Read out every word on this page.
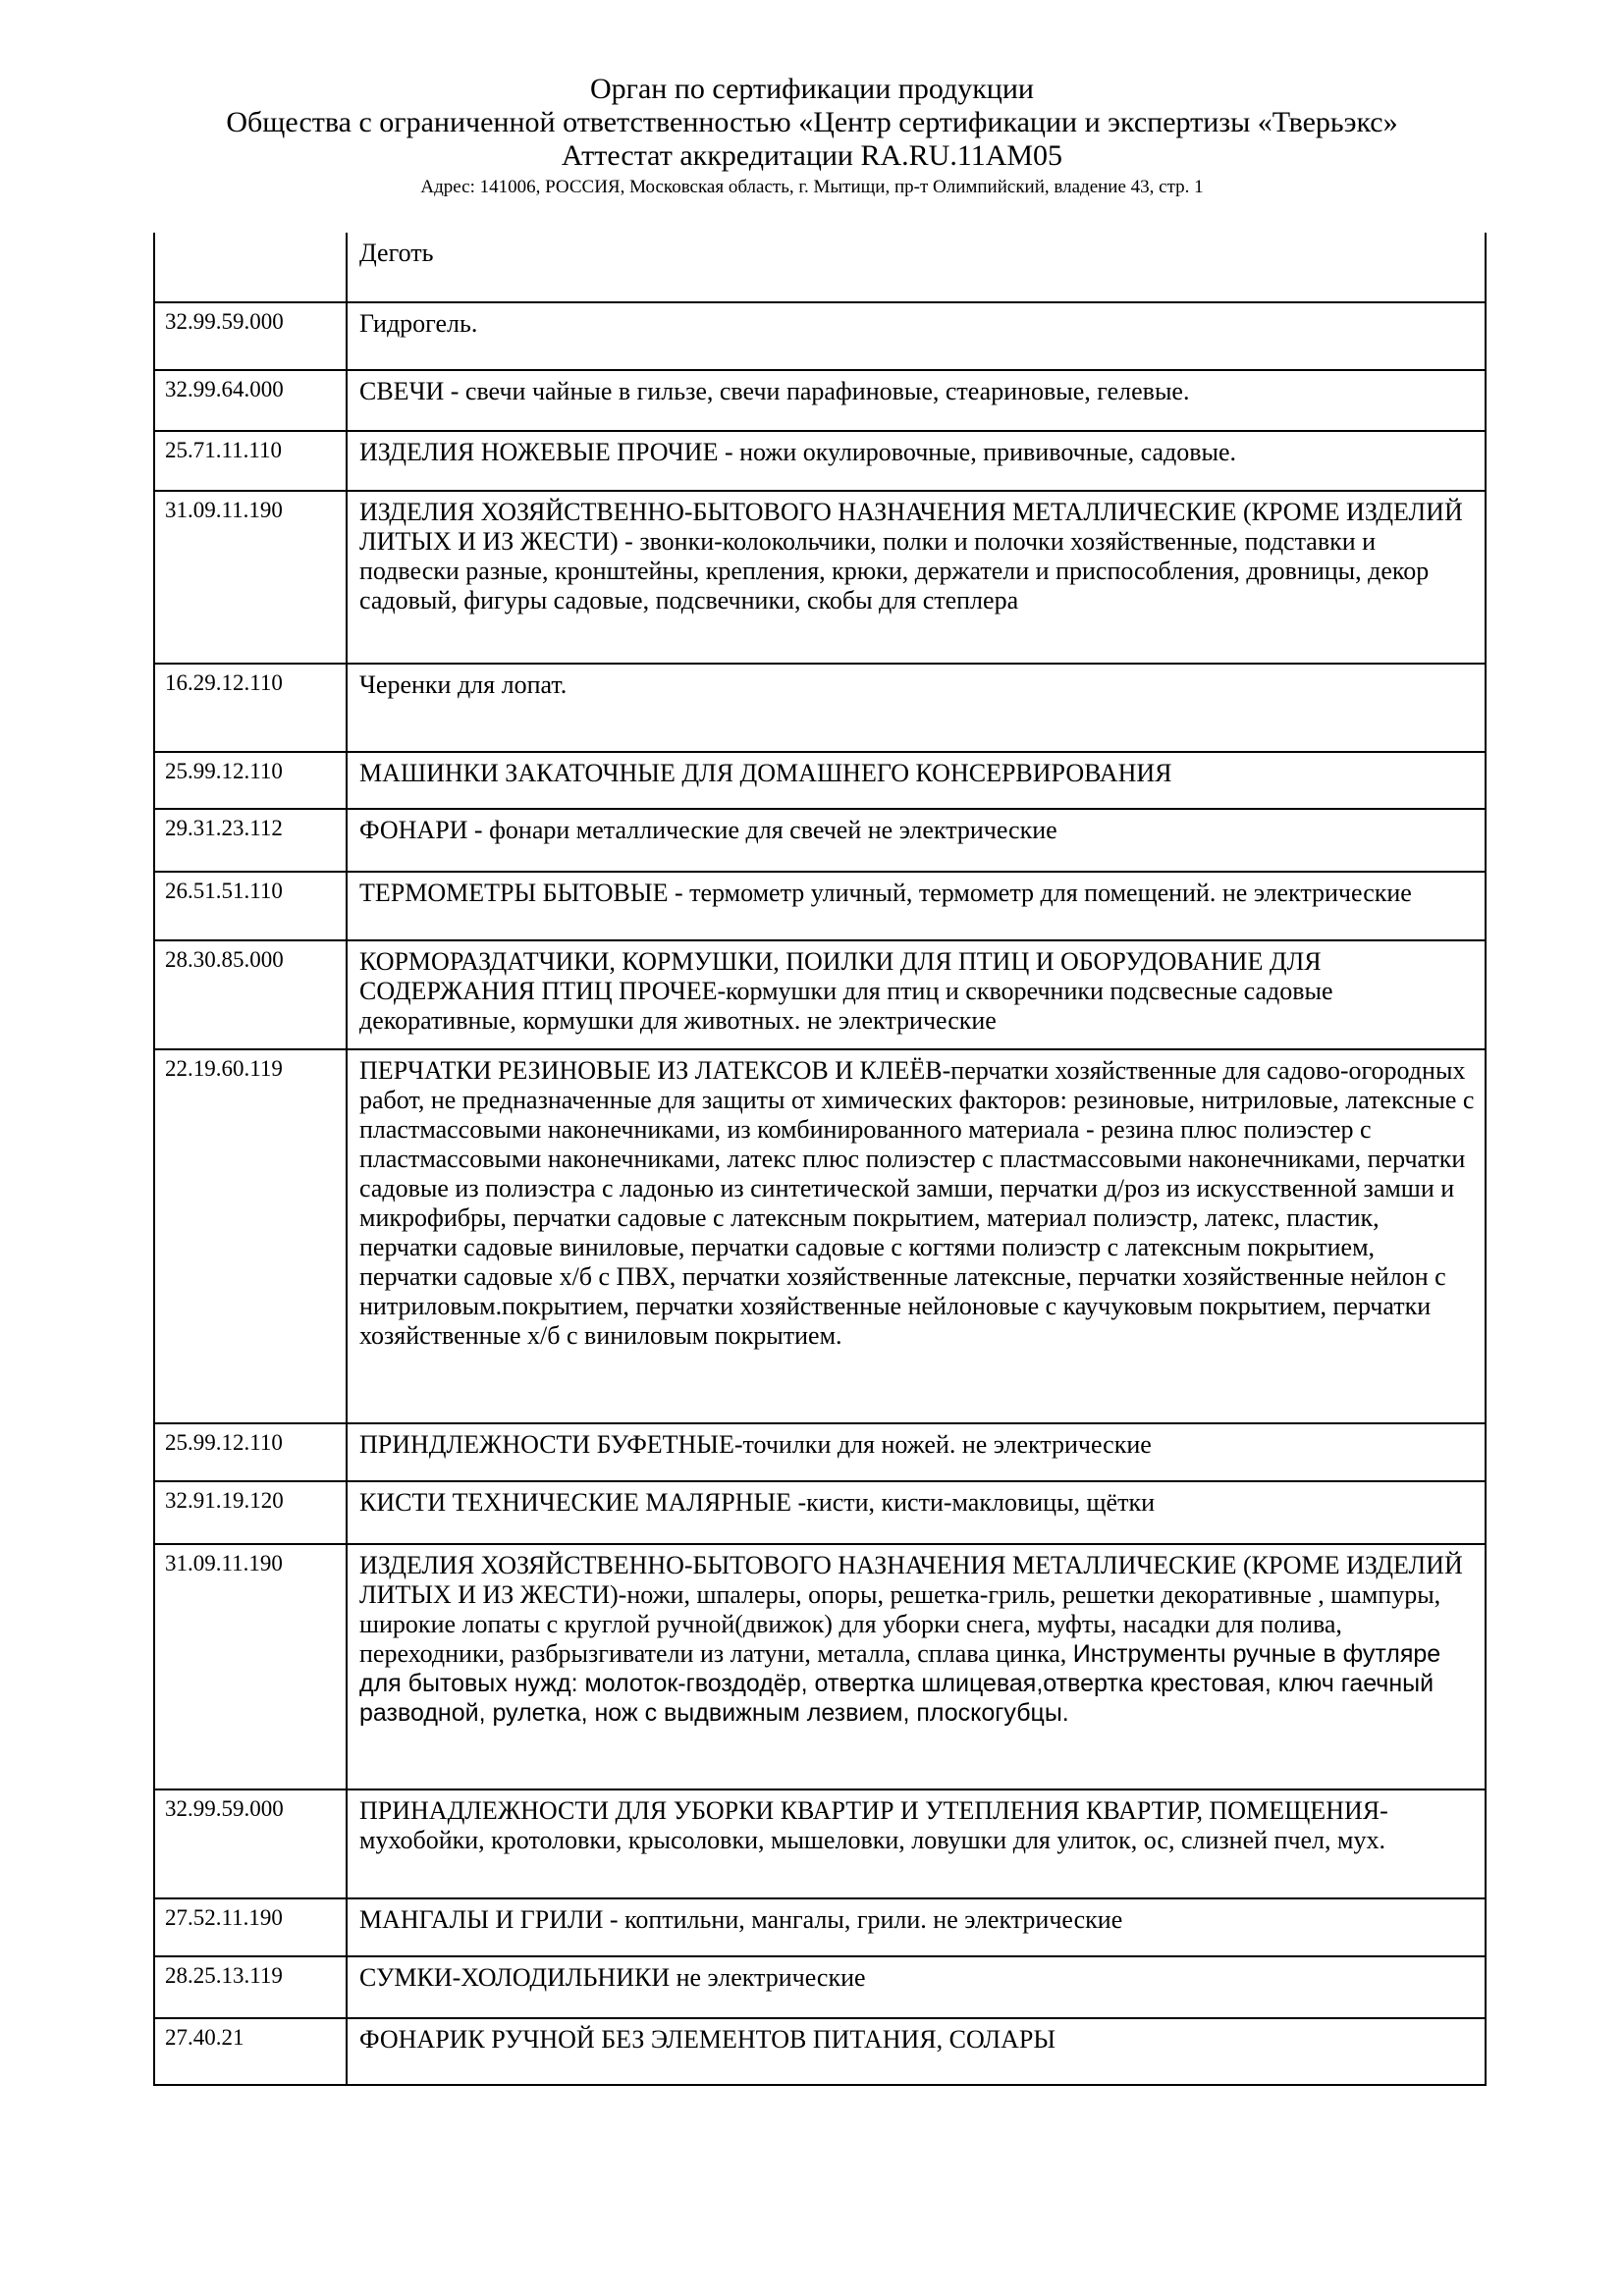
Орган по сертификации продукции
Общества с ограниченной ответственностью «Центр сертификации и экспертизы «Тверьэкс»
Аттестат аккредитации RA.RU.11АМ05
Адрес: 141006, РОССИЯ, Московская область, г. Мытищи, пр-т Олимпийский, владение 43, стр. 1
	Деготь
32.99.59.000	Гидрогель.
32.99.64.000	СВЕЧИ - свечи чайные в гильзе, свечи парафиновые, стеариновые, гелевые.
25.71.11.110	ИЗДЕЛИЯ НОЖЕВЫЕ ПРОЧИЕ - ножи окулировочные, прививочные, садовые.
31.09.11.190	ИЗДЕЛИЯ ХОЗЯЙСТВЕННО-БЫТОВОГО НАЗНАЧЕНИЯ МЕТАЛЛИЧЕСКИЕ (КРОМЕ ИЗДЕЛИЙ ЛИТЫХ И ИЗ ЖЕСТИ) - звонки-колокольчики, полки и полочки хозяйственные, подставки и подвески разные, кронштейны, крепления, крюки, держатели и приспособления, дровницы, декор садовый, фигуры садовые, подсвечники, скобы для степлера
16.29.12.110	Черенки для лопат.
25.99.12.110	МАШИНКИ ЗАКАТОЧНЫЕ ДЛЯ ДОМАШНЕГО КОНСЕРВИРОВАНИЯ
29.31.23.112	ФОНАРИ - фонари металлические для свечей не электрические
26.51.51.110	ТЕРМОМЕТРЫ БЫТОВЫЕ - термометр уличный, термометр для помещений. не электрические
28.30.85.000	КОРМОРАЗДАТЧИКИ, КОРМУШКИ, ПОИЛКИ ДЛЯ ПТИЦ И ОБОРУДОВАНИЕ ДЛЯ СОДЕРЖАНИЯ ПТИЦ ПРОЧЕЕ-кормушки для птиц и скворечники подсвесные садовые декоративные, кормушки для животных. не электрические
22.19.60.119	ПЕРЧАТКИ РЕЗИНОВЫЕ ИЗ ЛАТЕКСОВ И КЛЕЁВ-перчатки хозяйственные для садово-огородных работ, не предназначенные для защиты от химических факторов: резиновые, нитриловые, латексные с пластмассовыми наконечниками, из комбинированного материала - резина плюс полиэстер с пластмассовыми наконечниками, латекс плюс полиэстер с пластмассовыми наконечниками, перчатки садовые из полиэстра с ладонью из синтетической замши, перчатки д/роз из искусственной замши и микрофибры, перчатки садовые с латексным покрытием, материал полиэстр, латекс, пластик, перчатки садовые виниловые, перчатки садовые с когтями полиэстр с латексным покрытием, перчатки садовые х/б с ПВХ, перчатки хозяйственные латексные, перчатки хозяйственные нейлон с нитриловым.покрытием, перчатки хозяйственные нейлоновые с каучуковым покрытием, перчатки хозяйственные х/б с виниловым покрытием.
25.99.12.110	ПРИНДЛЕЖНОСТИ БУФЕТНЫЕ-точилки для ножей. не электрические
32.91.19.120	КИСТИ ТЕХНИЧЕСКИЕ МАЛЯРНЫЕ -кисти, кисти-макловицы, щётки
31.09.11.190	ИЗДЕЛИЯ ХОЗЯЙСТВЕННО-БЫТОВОГО НАЗНАЧЕНИЯ МЕТАЛЛИЧЕСКИЕ (КРОМЕ ИЗДЕЛИЙ ЛИТЫХ И ИЗ ЖЕСТИ)-ножи, шпалеры, опоры, решетка-гриль, решетки декоративные , шампуры, широкие лопаты с круглой ручной(движок) для уборки снега, муфты, насадки для полива, переходники, разбрызгиватели из латуни, металла, сплава цинка, Инструменты ручные в футляре для бытовых нужд: молоток-гвоздодёр, отвертка шлицевая,отвертка крестовая, ключ гаечный разводной, рулетка, нож с выдвижным лезвием, плоскогубцы.
32.99.59.000	ПРИНАДЛЕЖНОСТИ ДЛЯ УБОРКИ КВАРТИР И УТЕПЛЕНИЯ КВАРТИР, ПОМЕЩЕНИЯ-мухобойки, кротоловки, крысоловки, мышеловки, ловушки для улиток, ос, слизней пчел, мух.
27.52.11.190	МАНГАЛЫ И ГРИЛИ - коптильни, мангалы, грили. не электрические
28.25.13.119	СУМКИ-ХОЛОДИЛЬНИКИ не электрические
27.40.21	ФОНАРИК РУЧНОЙ БЕЗ ЭЛЕМЕНТОВ ПИТАНИЯ, СОЛАРЫ
